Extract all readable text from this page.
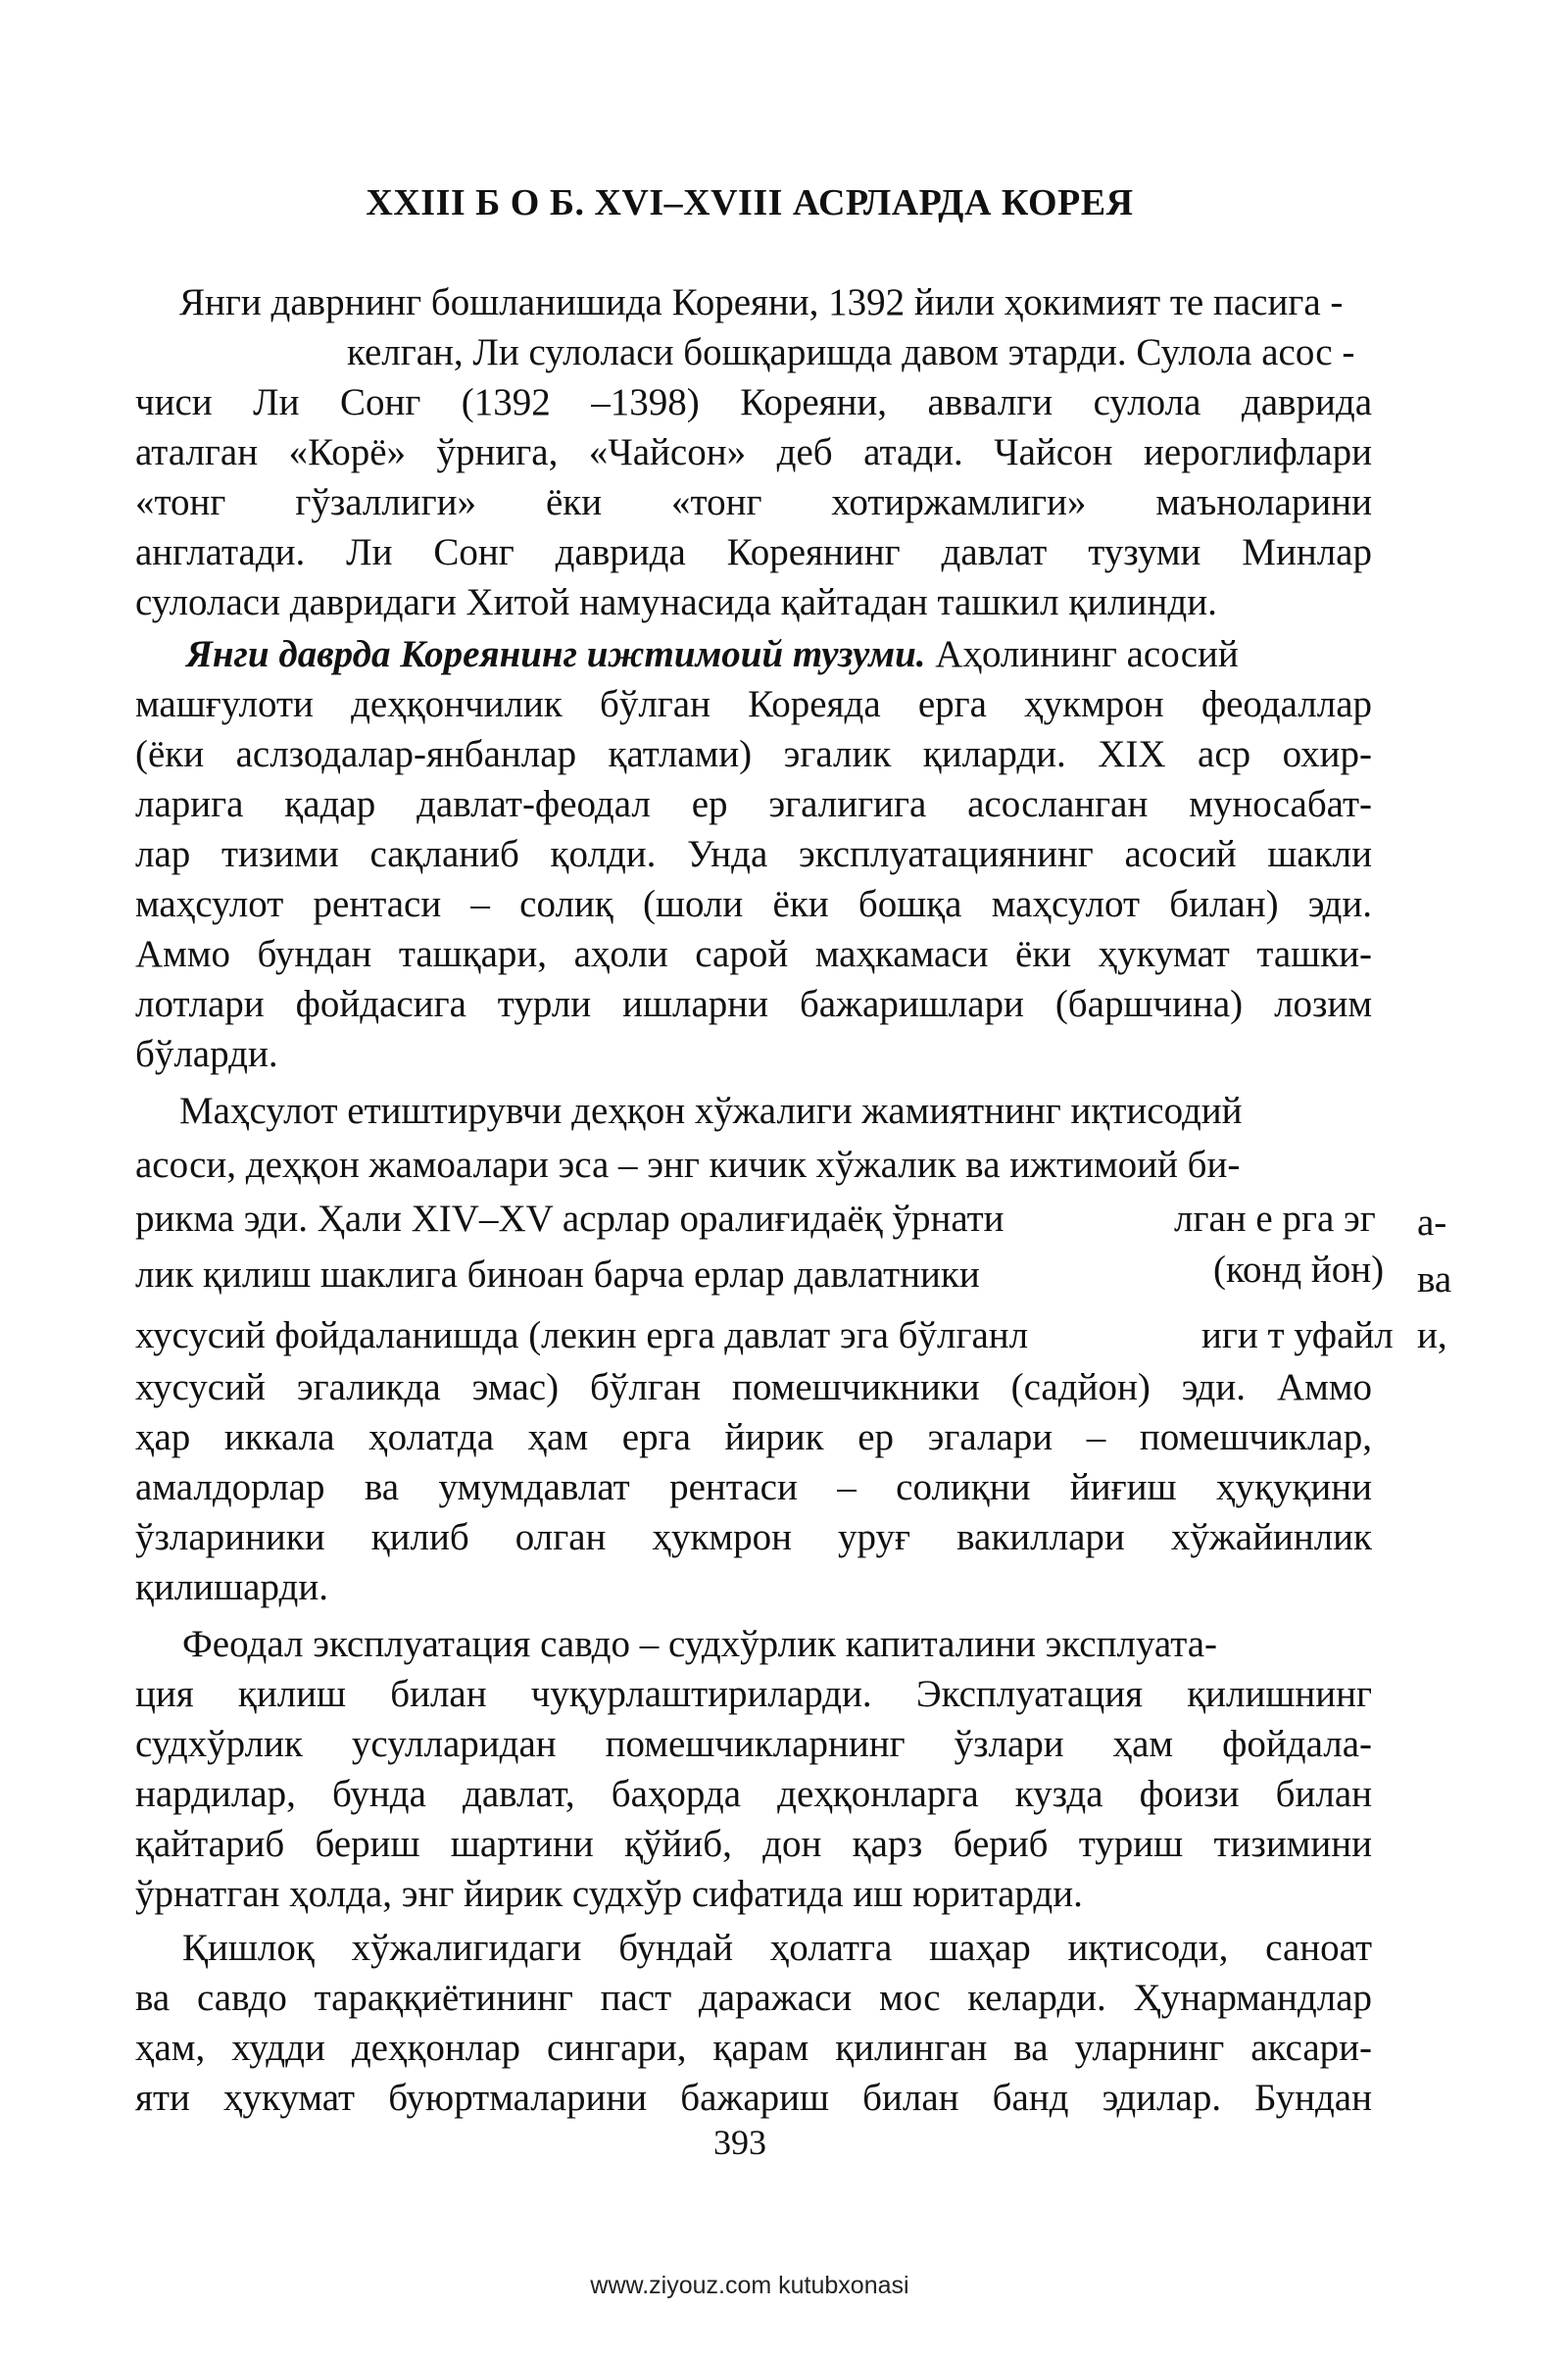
XXIII Б О Б. XVI–XVIII АСРЛАРДА КОРЕЯ
Янги даврнинг бошланишида Кореяни, 1392 йили ҳокимият те пасига -
келган, Ли сулоласи бошқаришда давом этарди. Сулола асос -
чиси Ли Сонг (1392 –1398) Кореяни, аввалги сулола даврида
аталган «Корё» ўрнига, «Чайсон» деб атади. Чайсон иероглифлари
«тонг гўзаллиги» ёки «тонг хотиржамлиги» маъноларини
англатади. Ли Сонг даврида Кореянинг давлат тузуми Минлар
сулоласи давридаги Хитой намунасида қайтадан ташкил қилинди.
Янги даврда Кореянинг ижтимоий тузуми. Аҳолининг асосий
машғулоти деҳқончилик бўлган Кореяда ерга ҳукмрон феодаллар
(ёки аслзодалар-янбанлар қатлами) эгалик қиларди. XIX аср охир-
ларига қадар давлат-феодал ер эгалигига асосланган муносабат-
лар тизими сақланиб қолди. Унда эксплуатациянинг асосий шакли
маҳсулот рентаси – солиқ (шоли ёки бошқа маҳсулот билан) эди.
Аммо бундан ташқари, аҳоли сарой маҳкамаси ёки ҳукумат ташки-
лотлари фойдасига турли ишларни бажаришлари (баршчина) лозим
бўларди.
Маҳсулот етиштирувчи деҳқон хўжалиги жамиятнинг иқтисодий
асоси, деҳқон жамоалари эса – энг кичик хўжалик ва ижтимоий би-
рикма эди. Ҳали XIV–XV асрлар оралиғидаёқ ўрнати	лган е рга эг а-
лик қилиш шаклига биноан барча ерлар давлатники	(конд йон) ва
хусусий фойдаланишда (лекин ерга давлат эга бўлганл	иги т уфайл и,
хусусий эгаликда эмас) бўлган помешчикники (садйон) эди. Аммо
ҳар иккала ҳолатда ҳам ерга йирик ер эгалари – помешчиклар,
амалдорлар ва умумдавлат рентаси – солиқни йиғиш ҳуқуқини
ўзлариники қилиб олган ҳукмрон уруғ вакиллари хўжайинлик
қилишарди.
Феодал эксплуатация савдо – судхўрлик капиталини эксплуата-
ция қилиш билан чуқурлаштириларди. Эксплуатация қилишнинг
судхўрлик усулларидан помешчикларнинг ўзлари ҳам фойдала-
нардилар, бунда давлат, баҳорда деҳқонларга кузда фоизи билан
қайтариб бериш шартини қўйиб, дон қарз бериб туриш тизимини
ўрнатган ҳолда, энг йирик судхўр сифатида иш юритарди.
Қишлоқ хўжалигидаги бундай ҳолатга шаҳар иқтисоди, саноат
ва савдо тараққиётининг паст даражаси мос келарди. Ҳунармандлар
ҳам, худди деҳқонлар сингари, қарам қилинган ва уларнинг аксари-
яти ҳукумат буюртмаларини бажариш билан банд эдилар. Бундан
393
www.ziyouz.com kutubxonasi
